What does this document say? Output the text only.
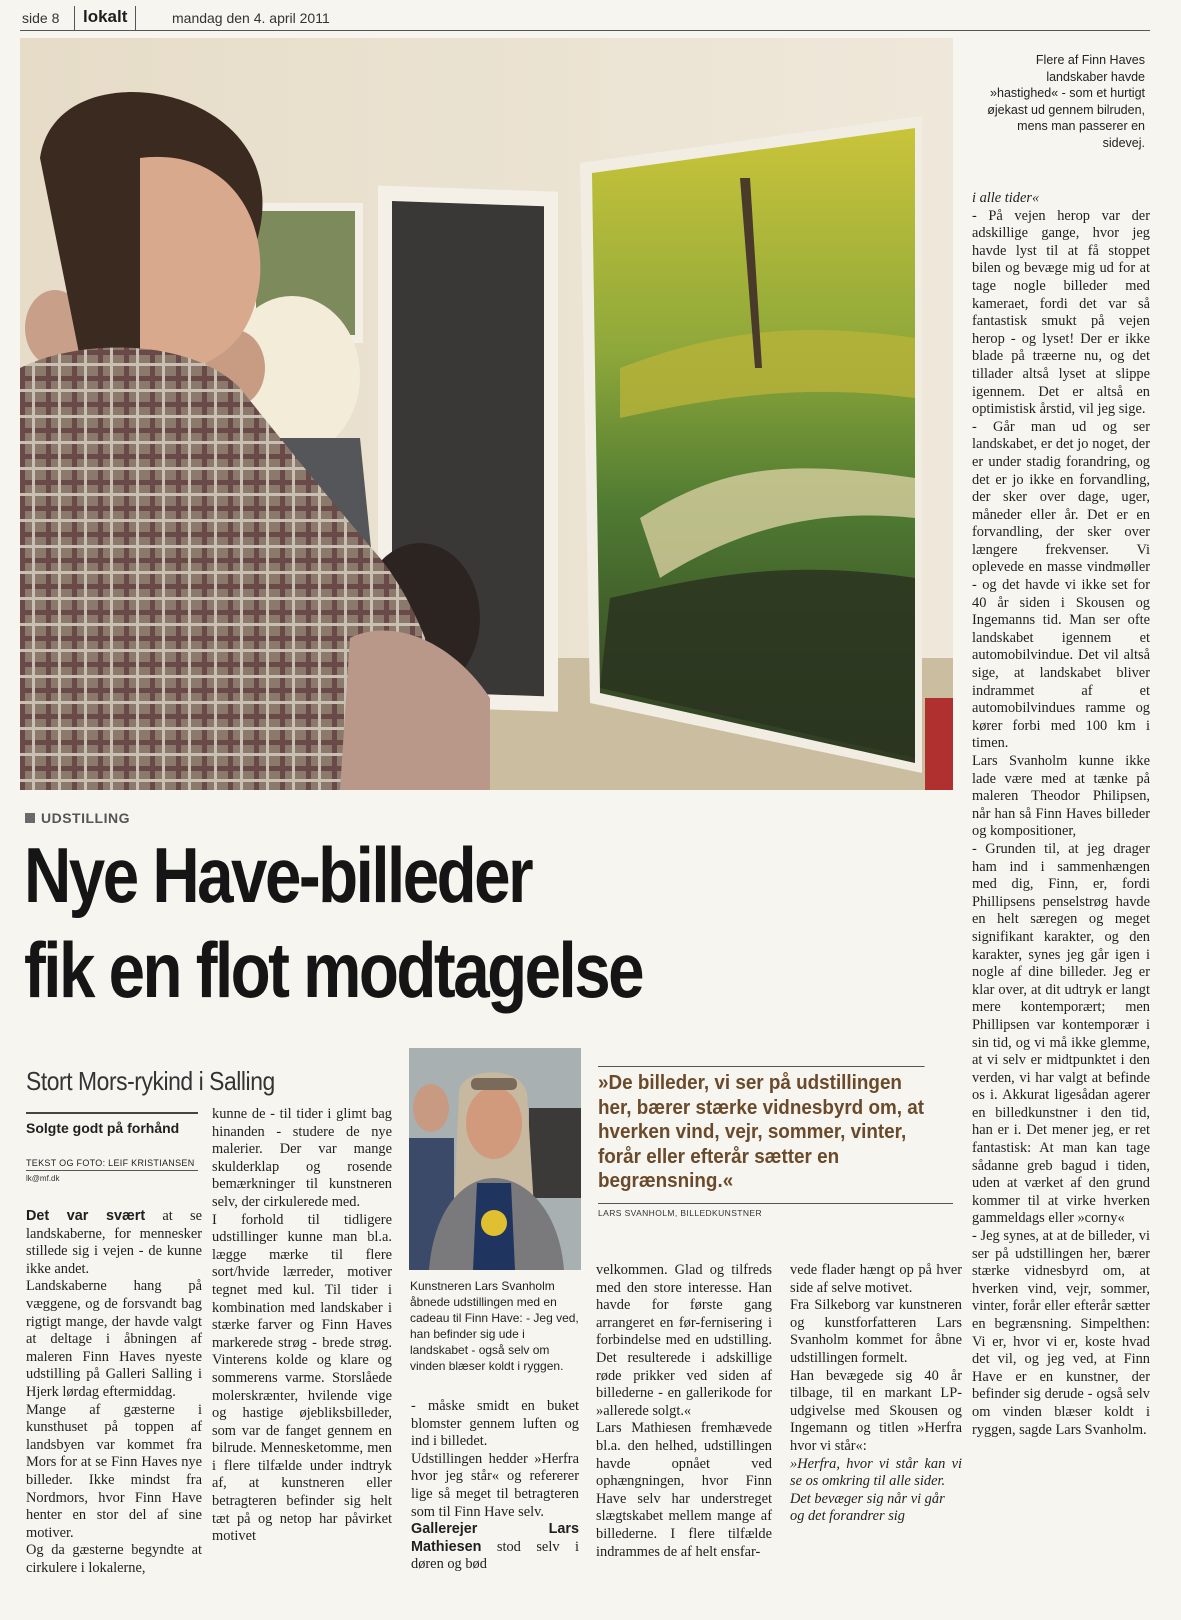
side 8	lokalt	mandag den 4. april 2011
Flere af Finn Haves landskaber havde »hastighed« - som et hurtigt øjekast ud gennem bilruden, mens man passerer en sidevej.

i alle tider«

- På vejen herop var der adskillige gange, hvor jeg havde lyst til at få stoppet bilen og bevæge mig ud for at tage nogle billeder med kameraet, fordi det var så fantastisk smukt på vejen herop - og lyset! Der er ikke blade på træerne nu, og det tillader altså lyset at slippe igennem. Det er altså en optimistisk årstid, vil jeg sige.

- Går man ud og ser landskabet, er det jo noget, der er under stadig forandring, og det er jo ikke en forvandling, der sker over dage, uger, måneder eller år. Det er en forvandling, der sker over længere frekvenser. Vi oplevede en masse vindmøller - og det havde vi ikke set for 40 år siden i Skousen og Ingemanns tid. Man ser ofte landskabet igennem et automobilvindue. Det vil altså sige, at landskabet bliver indrammet af et automobilvindues ramme og kører forbi med 100 km i timen.

Lars Svanholm kunne ikke lade være med at tænke på maleren Theodor Philipsen, når han så Finn Haves billeder og kompositioner,

- Grunden til, at jeg drager ham ind i sammenhængen med dig, Finn, er, fordi Phillipsens penselstrøg havde en helt særegen og meget signifikant karakter, og den karakter, synes jeg går igen i nogle af dine billeder. Jeg er klar over, at dit udtryk er langt mere kontemporært; men Phillipsen var kontemporær i sin tid, og vi må ikke glemme, at vi selv er midtpunktet i den verden, vi har valgt at befinde os i. Akkurat ligesådan agerer en billedkunstner i den tid, han er i. Det mener jeg, er ret fantastisk: At man kan tage sådanne greb bagud i tiden, uden at værket af den grund kommer til at virke hverken gammeldags eller »corny«

- Jeg synes, at at de billeder, vi ser på udstillingen her, bærer stærke vidnesbyrd om, at hverken vind, vejr, sommer, vinter, forår eller efterår sætter en begrænsning. Simpelthen: Vi er, hvor vi er, koste hvad det vil, og jeg ved, at Finn Have er en kunstner, der befinder sig derude - også selv om vinden blæser koldt i ryggen, sagde Lars Svanholm.

UDSTILLING
Nye Have-billeder
fik en flot modtagelse
Stort Mors-rykind i Salling
Solgte godt på forhånd
TEKST OG FOTO: LEIF KRISTIANSEN
lk@mf.dk

Det var svært at se landskaberne, for mennesker stillede sig i vejen - de kunne ikke andet.

Landskaberne hang på væggene, og de forsvandt bag rigtigt mange, der havde valgt at deltage i åbningen af maleren Finn Haves nyeste udstilling på Galleri Salling i Hjerk lørdag eftermiddag.

Mange af gæsterne i kunsthuset på toppen af landsbyen var kommet fra Mors for at se Finn Haves nye billeder. Ikke mindst fra Nordmors, hvor Finn Have henter en stor del af sine motiver.

Og da gæsterne begyndte at cirkulere i lokalerne,

kunne de - til tider i glimt bag hinanden - studere de nye malerier. Der var mange skulderklap og rosende bemærkninger til kunstneren selv, der cirkulerede med.

I forhold til tidligere udstillinger kunne man bl.a. lægge mærke til flere sort/hvide lærreder, motiver tegnet med kul. Til tider i kombination med landskaber i stærke farver og Finn Haves markerede strøg - brede strøg. Vinterens kolde og klare og sommerens varme. Storslåede molerskrænter, hvilende vige og hastige øjebliksbilleder, som var de fanget gennem en bilrude. Mennesketomme, men i flere tilfælde under indtryk af, at kunstneren eller betragteren befinder sig helt tæt på og netop har påvirket motivet

Kunstneren Lars Svanholm åbnede udstillingen med en cadeau til Finn Have: - Jeg ved, han befinder sig ude i landskabet - også selv om vinden blæser koldt i ryggen.

- måske smidt en buket blomster gennem luften og ind i billedet.

Udstillingen hedder »Herfra hvor jeg står« og refererer lige så meget til betragteren som til Finn Have selv.

Gallerejer Lars Mathiesen stod selv i døren og bød

»De billeder, vi ser på udstillingen her, bærer stærke vidnesbyrd om, at hverken vind, vejr, sommer, vinter, forår eller efterår sætter en begrænsning.«
LARS SVANHOLM, BILLEDKUNSTNER

velkommen. Glad og tilfreds med den store interesse. Han havde for første gang arrangeret en før-fernisering i forbindelse med en udstilling. Det resulterede i adskillige røde prikker ved siden af billederne - en gallerikode for »allerede solgt.«

Lars Mathiesen fremhævede bl.a. den helhed, udstillingen havde opnået ved ophængningen, hvor Finn Have selv har understreget slægtskabet mellem mange af billederne. I flere tilfælde indrammes de af helt ensfar-

vede flader hængt op på hver side af selve motivet.

Fra Silkeborg var kunstneren og kunstforfatteren Lars Svanholm kommet for åbne udstillingen formelt.

Han bevægede sig 40 år tilbage, til en markant LP-udgivelse med Skousen og Ingemann og titlen »Herfra hvor vi står«:

»Herfra, hvor vi står kan vi se os omkring til alle sider.

Det bevæger sig når vi går

og det forandrer sig
